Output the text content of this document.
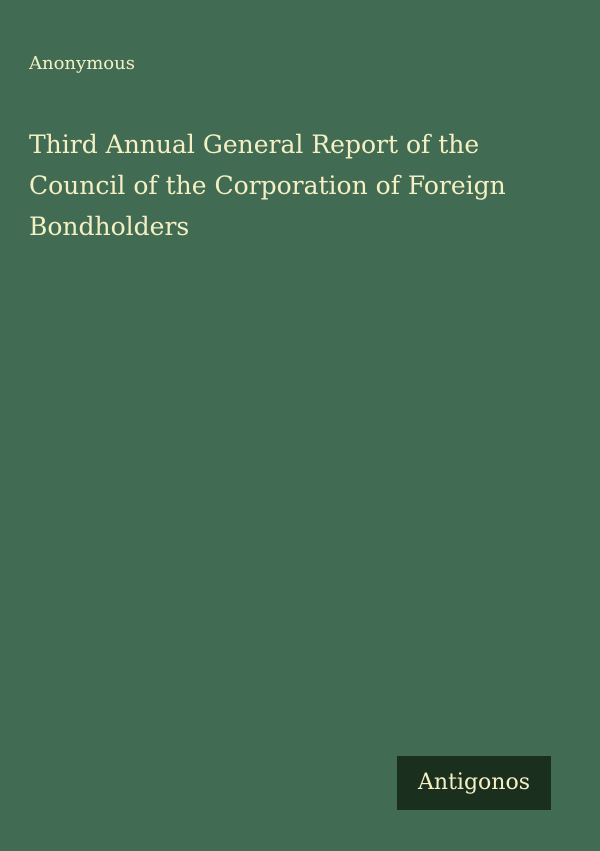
Anonymous
Third Annual General Report of the Council of the Corporation of Foreign Bondholders
Antigonos
